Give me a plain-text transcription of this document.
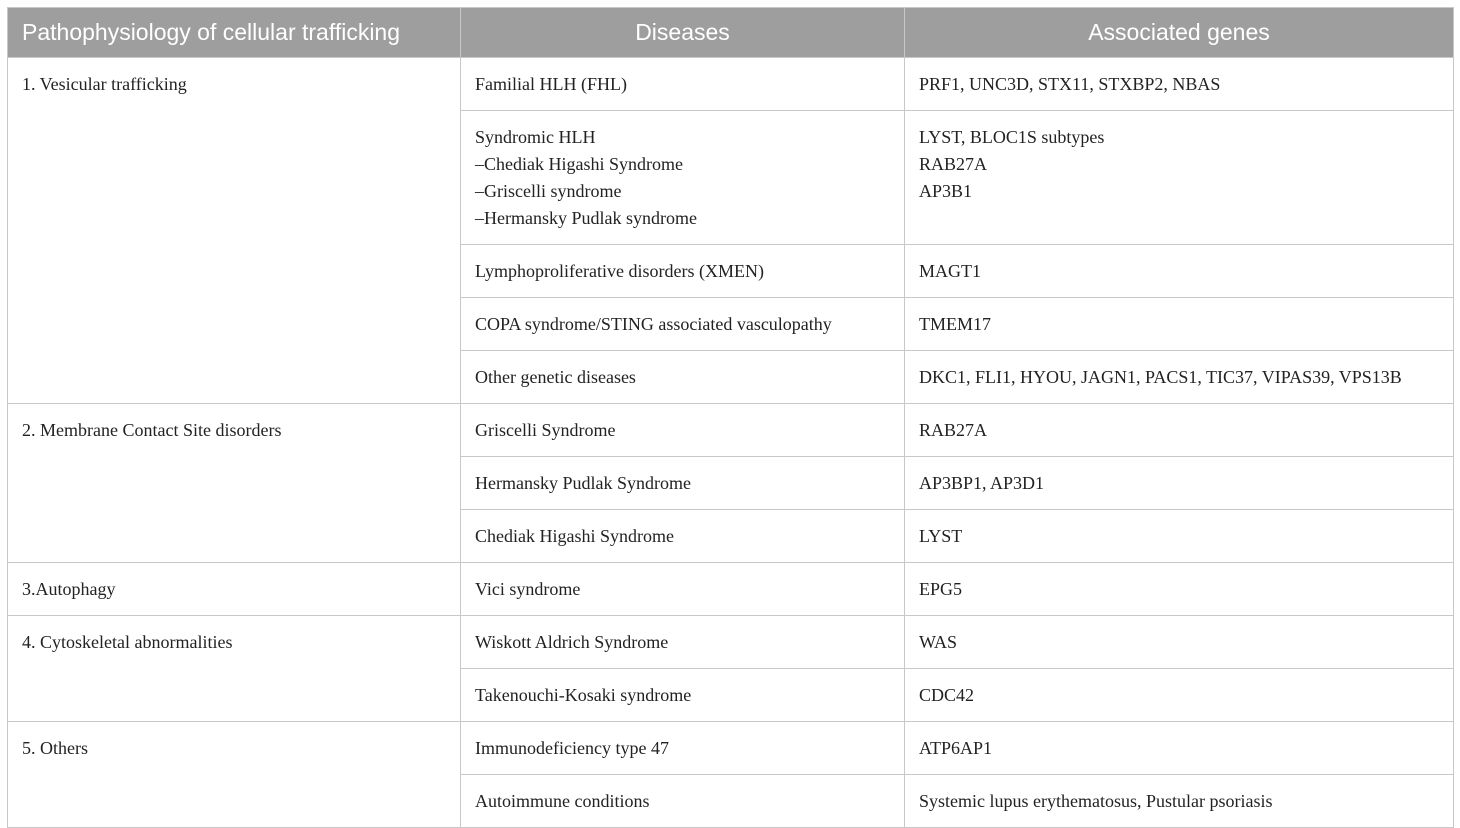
Pathophysiology of cellular trafficking	Diseases	Associated genes
1. Vesicular trafficking	Familial HLH (FHL)	PRF1, UNC3D, STX11, STXBP2, NBAS

	Syndromic HLH
–Chediak Higashi Syndrome
–Griscelli syndrome
–Hermansky Pudlak syndrome	LYST, BLOC1S subtypes
RAB27A
AP3B1

	Lymphoproliferative disorders (XMEN)	MAGT1

	COPA syndrome/STING associated vasculopathy	TMEM17

	Other genetic diseases	DKC1, FLI1, HYOU, JAGN1, PACS1, TIC37, VIPAS39, VPS13B

2. Membrane Contact Site disorders	Griscelli Syndrome	RAB27A

	Hermansky Pudlak Syndrome	AP3BP1, AP3D1

	Chediak Higashi Syndrome	LYST

3.Autophagy	Vici syndrome	EPG5

4. Cytoskeletal abnormalities	Wiskott Aldrich Syndrome	WAS

	Takenouchi-Kosaki syndrome	CDC42

5. Others	Immunodeficiency type 47	ATP6AP1

	Autoimmune conditions	Systemic lupus erythematosus, Pustular psoriasis
